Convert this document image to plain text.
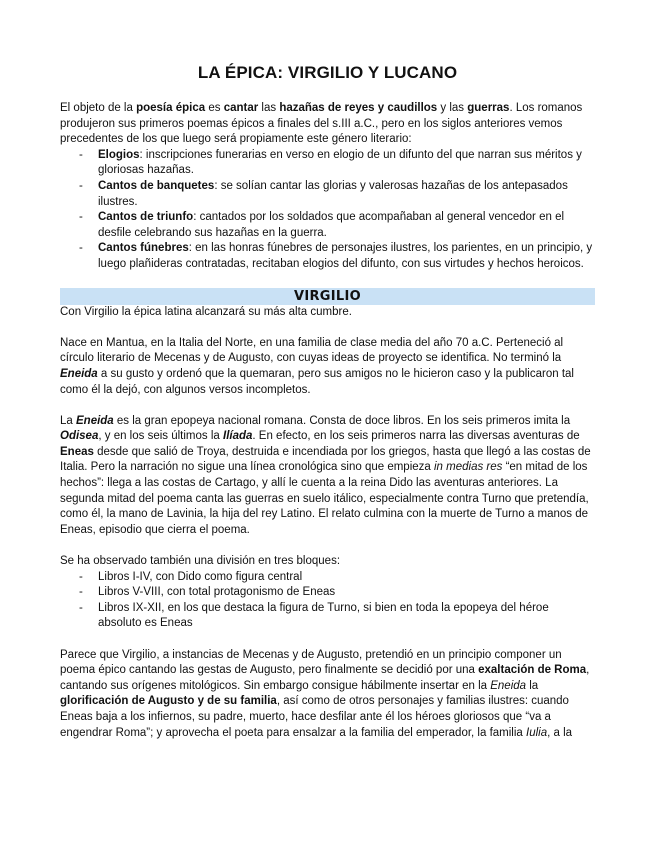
LA ÉPICA: VIRGILIO Y LUCANO

El objeto de la poesía épica es cantar las hazañas de reyes y caudillos y las guerras. Los romanos produjeron sus primeros poemas épicos a finales del s.III a.C., pero en los siglos anteriores vemos precedentes de los que luego será propiamente este género literario:

- Elogios: inscripciones funerarias en verso en elogio de un difunto del que narran sus méritos y gloriosas hazañas.
- Cantos de banquetes: se solían cantar las glorias y valerosas hazañas de los antepasados ilustres.
- Cantos de triunfo: cantados por los soldados que acompañaban al general vencedor en el desfile celebrando sus hazañas en la guerra.
- Cantos fúnebres: en las honras fúnebres de personajes ilustres, los parientes, en un principio, y luego plañideras contratadas, recitaban elogios del difunto, con sus virtudes y hechos heroicos.
VIRGILIO

Con Virgilio la épica latina alcanzará su más alta cumbre.

Nace en Mantua, en la Italia del Norte, en una familia de clase media del año 70 a.C. Perteneció al círculo literario de Mecenas y de Augusto, con cuyas ideas de proyecto se identifica. No terminó la Eneida a su gusto y ordenó que la quemaran, pero sus amigos no le hicieron caso y la publicaron tal como él la dejó, con algunos versos incompletos.

La Eneida es la gran epopeya nacional romana. Consta de doce libros. En los seis primeros imita la Odisea, y en los seis últimos la Ilíada. En efecto, en los seis primeros narra las diversas aventuras de Eneas desde que salió de Troya, destruida e incendiada por los griegos, hasta que llegó a las costas de Italia. Pero la narración no sigue una línea cronológica sino que empieza in medias res “en mitad de los hechos”: llega a las costas de Cartago, y allí le cuenta a la reina Dido las aventuras anteriores. La segunda mitad del poema canta las guerras en suelo itálico, especialmente contra Turno que pretendía, como él, la mano de Lavinia, la hija del rey Latino. El relato culmina con la muerte de Turno a manos de Eneas, episodio que cierra el poema.

Se ha observado también una división en tres bloques:

- Libros I-IV, con Dido como figura central
- Libros V-VIII, con total protagonismo de Eneas
- Libros IX-XII, en los que destaca la figura de Turno, si bien en toda la epopeya del héroe absoluto es Eneas

Parece que Virgilio, a instancias de Mecenas y de Augusto, pretendió en un principio componer un poema épico cantando las gestas de Augusto, pero finalmente se decidió por una exaltación de Roma, cantando sus orígenes mitológicos. Sin embargo consigue hábilmente insertar en la Eneida la glorificación de Augusto y de su familia, así como de otros personajes y familias ilustres: cuando Eneas baja a los infiernos, su padre, muerto, hace desfilar ante él los héroes gloriosos que “va a engendrar Roma”; y aprovecha el poeta para ensalzar a la familia del emperador, la familia Iulia, a la
